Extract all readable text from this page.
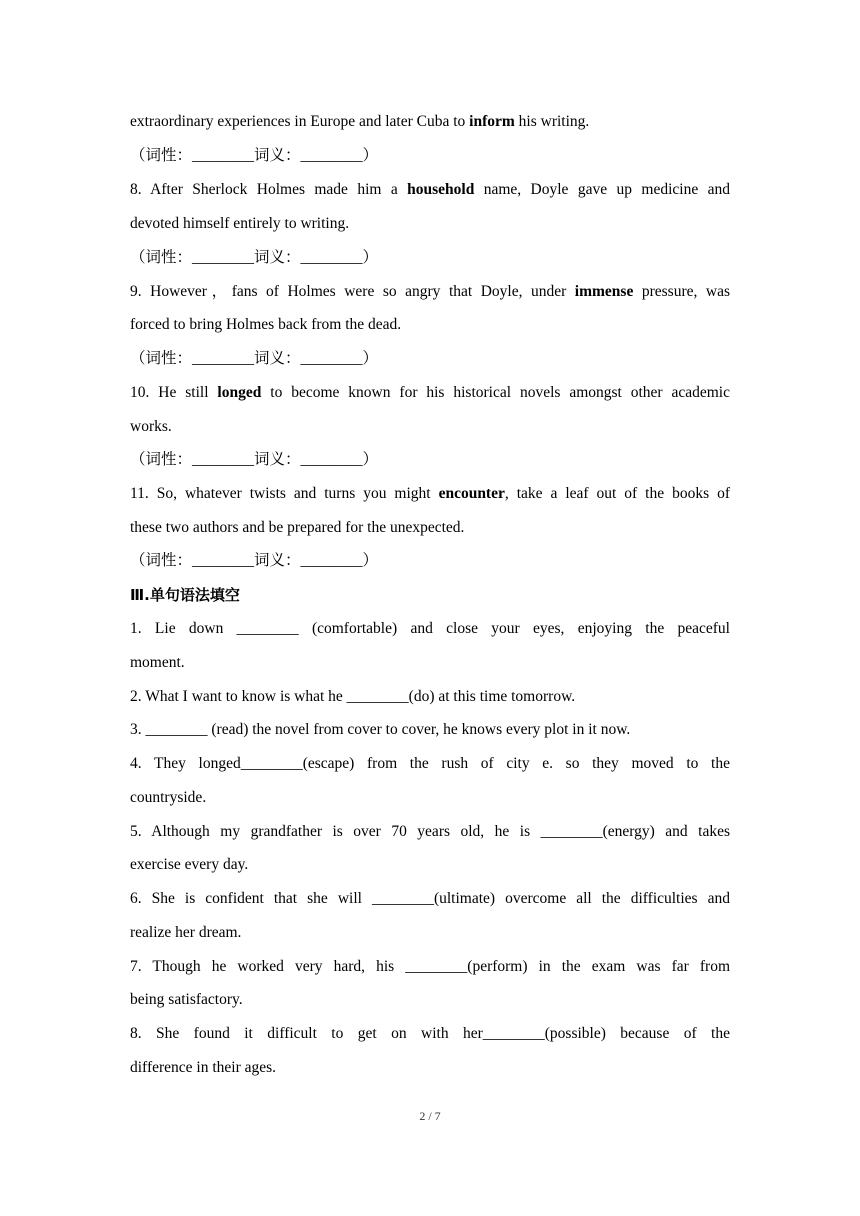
extraordinary experiences in Europe and later Cuba to inform his writing.
（词性：________词义：________）
8. After Sherlock Holmes made him a household name, Doyle gave up medicine and
devoted himself entirely to writing.
（词性：________词义：________）
9. However，fans of Holmes were so angry that Doyle, under immense pressure, was
forced to bring Holmes back from the dead.
（词性：________词义：________）
10. He still longed to become known for his historical novels amongst other academic
works.
（词性：________词义：________）
11. So, whatever twists and turns you might encounter, take a leaf out of the books of
these two authors and be prepared for the unexpected.
（词性：________词义：________）
Ⅲ.单句语法填空
1. Lie down ________ (comfortable) and close your eyes, enjoying the peaceful
moment.
2. What I want to know is what he ________(do) at this time tomorrow.
3. ________ (read) the novel from cover to cover, he knows every plot in it now.
4. They longed________(escape) from the rush of city e. so they moved to the
countryside.
5. Although my grandfather is over 70 years old, he is ________(energy) and takes
exercise every day.
6. She is confident that she will ________(ultimate) overcome all the difficulties and
realize her dream.
7. Though he worked very hard, his ________(perform) in the exam was far from
being satisfactory.
8. She found it difficult to get on with her________(possible) because of the
difference in their ages.
2 / 7
